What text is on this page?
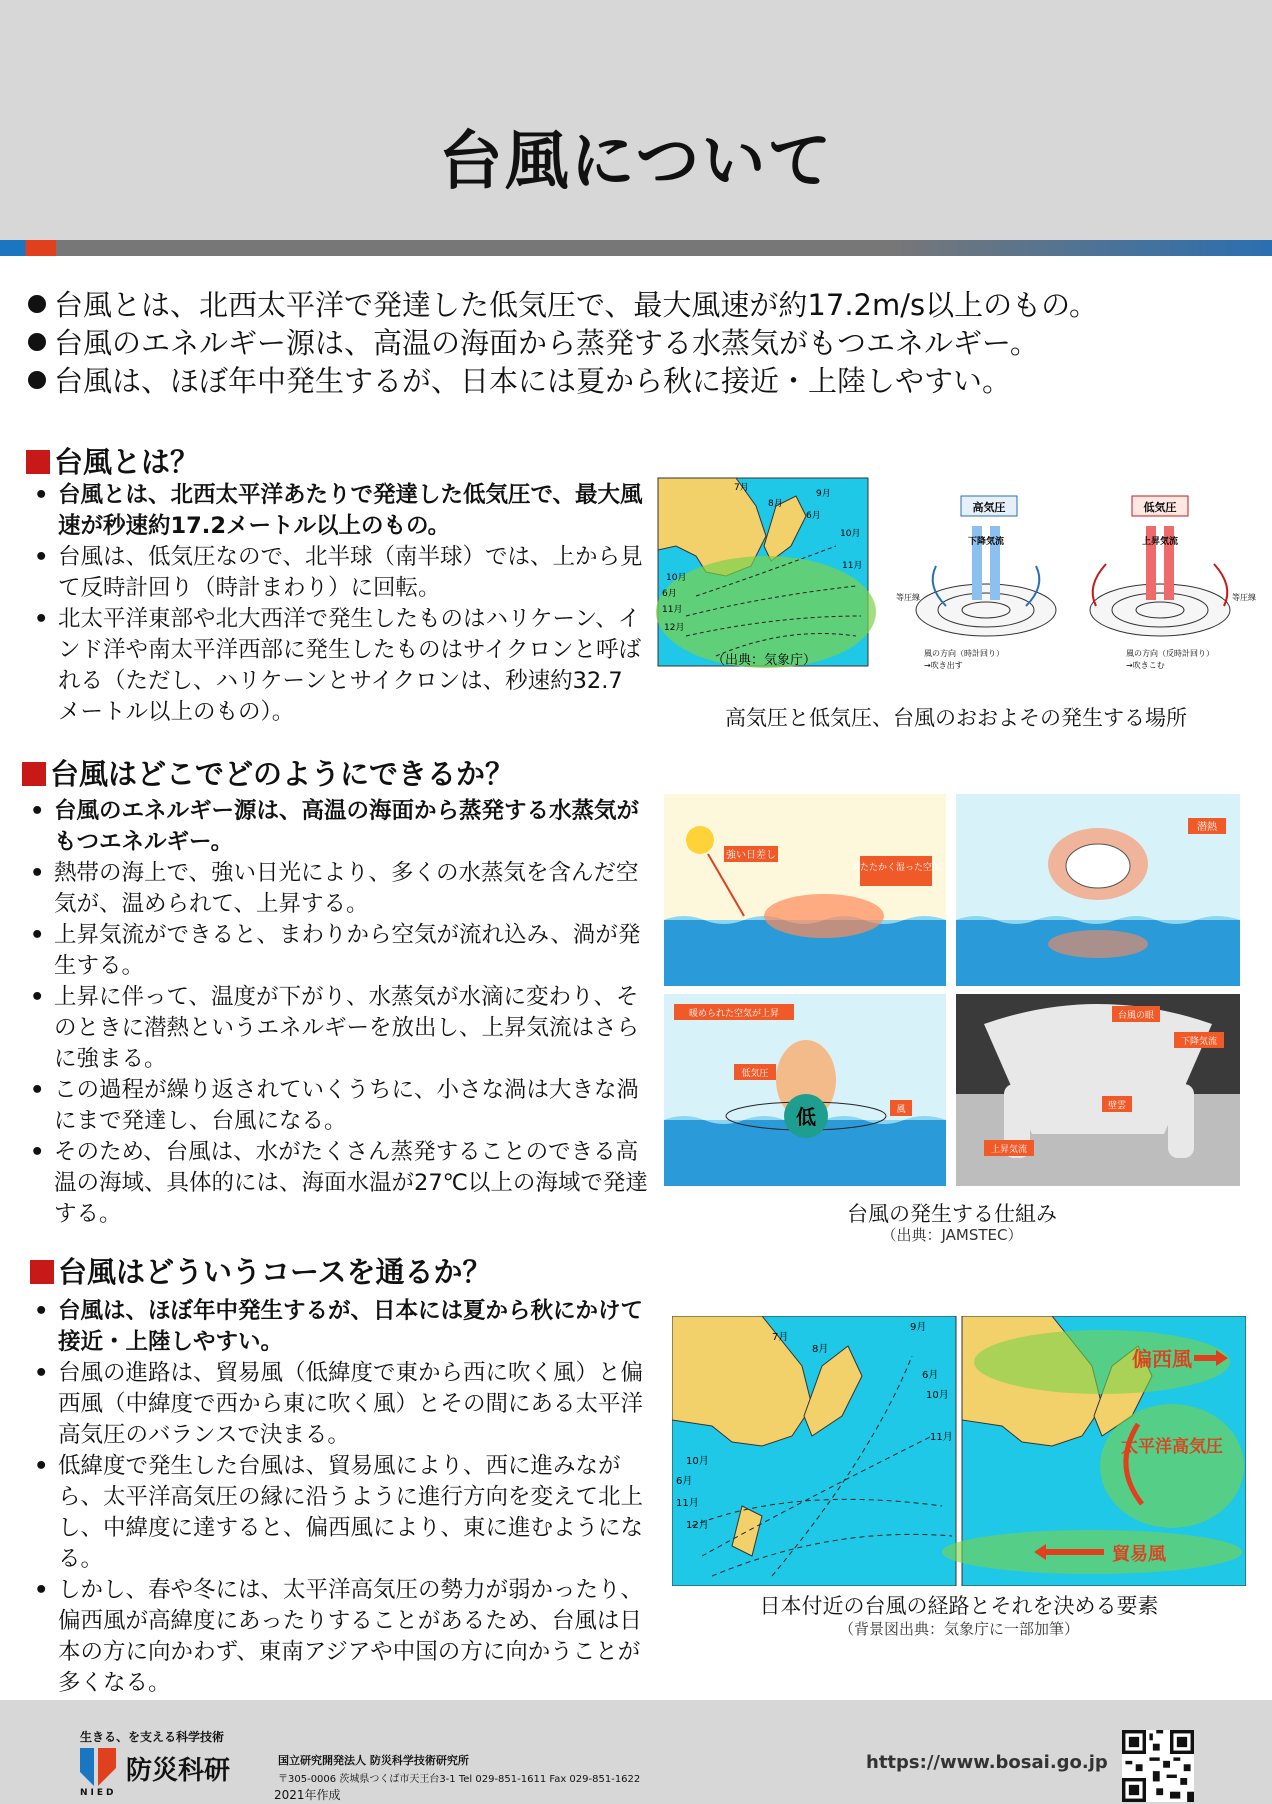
台風について
台風とは、北西太平洋で発達した低気圧で、最大風速が約17.2m/s以上のもの。
台風のエネルギー源は、高温の海面から蒸発する水蒸気がもつエネルギー。
台風は、ほぼ年中発生するが、日本には夏から秋に接近・上陸しやすい。
台風とは？
• 台風とは、北西太平洋あたりで発達した低気圧で、最大風速が秒速約17.2メートル以上のもの。
• 台風は、低気圧なので、北半球（南半球）では、上から見て反時計回り（時計まわり）に回転。
• 北太平洋東部や北大西洋で発生したものはハリケーン、インド洋や南太平洋西部に発生したものはサイクロンと呼ばれる（ただし、ハリケーンとサイクロンは、秒速約32.7メートル以上のもの）。
7月
8月
9月
6月
10月
11月
10月
6月
11月
12月
（出典：気象庁）
高気圧
下降気流
等圧線
風の方向（時計回り）
→吹き出す
低気圧
上昇気流
等圧線
風の方向（反時計回り）
→吹きこむ
高気圧と低気圧、台風のおおよその発生する場所
台風はどこでどのようにできるか？
• 台風のエネルギー源は、高温の海面から蒸発する水蒸気がもつエネルギー。
• 熱帯の海上で、強い日光により、多くの水蒸気を含んだ空気が、温められて、上昇する。
• 上昇気流ができると、まわりから空気が流れ込み、渦が発生する。
• 上昇に伴って、温度が下がり、水蒸気が水滴に変わり、そのときに潜熱というエネルギーを放出し、上昇気流はさらに強まる。
• この過程が繰り返されていくうちに、小さな渦は大きな渦にまで発達し、台風になる。
• そのため、台風は、水がたくさん蒸発することのできる高温の海域、具体的には、海面水温が27℃以上の海域で発達する。
強い日差し
あたたかく湿った空気
潜熱
低
暖められた空気が上昇
低気圧
風
台風の眼
下降気流
壁雲
上昇気流
台風の発生する仕組み
（出典：JAMSTEC）
台風はどういうコースを通るか？
• 台風は、ほぼ年中発生するが、日本には夏から秋にかけて接近・上陸しやすい。
• 台風の進路は、貿易風（低緯度で東から西に吹く風）と偏西風（中緯度で西から東に吹く風）とその間にある太平洋高気圧のバランスで決まる。
• 低緯度で発生した台風は、貿易風により、西に進みながら、太平洋高気圧の縁に沿うように進行方向を変えて北上し、中緯度に達すると、偏西風により、東に進むようになる。
• しかし、春や冬には、太平洋高気圧の勢力が弱かったり、偏西風が高緯度にあったりすることがあるため、台風は日本の方に向かわず、東南アジアや中国の方に向かうことが多くなる。
7月
8月
9月
6月
10月
11月
10月
6月
11月
12月
偏西風
太平洋高気圧
貿易風
日本付近の台風の経路とそれを決める要素
（背景図出典：気象庁に一部加筆）
生きる、を支える科学技術
防災科研
NIED
国立研究開発法人 防災科学技術研究所
〒305-0006 茨城県つくば市天王台3-1 Tel 029-851-1611 Fax 029-851-1622
2021年作成
https://www.bosai.go.jp
